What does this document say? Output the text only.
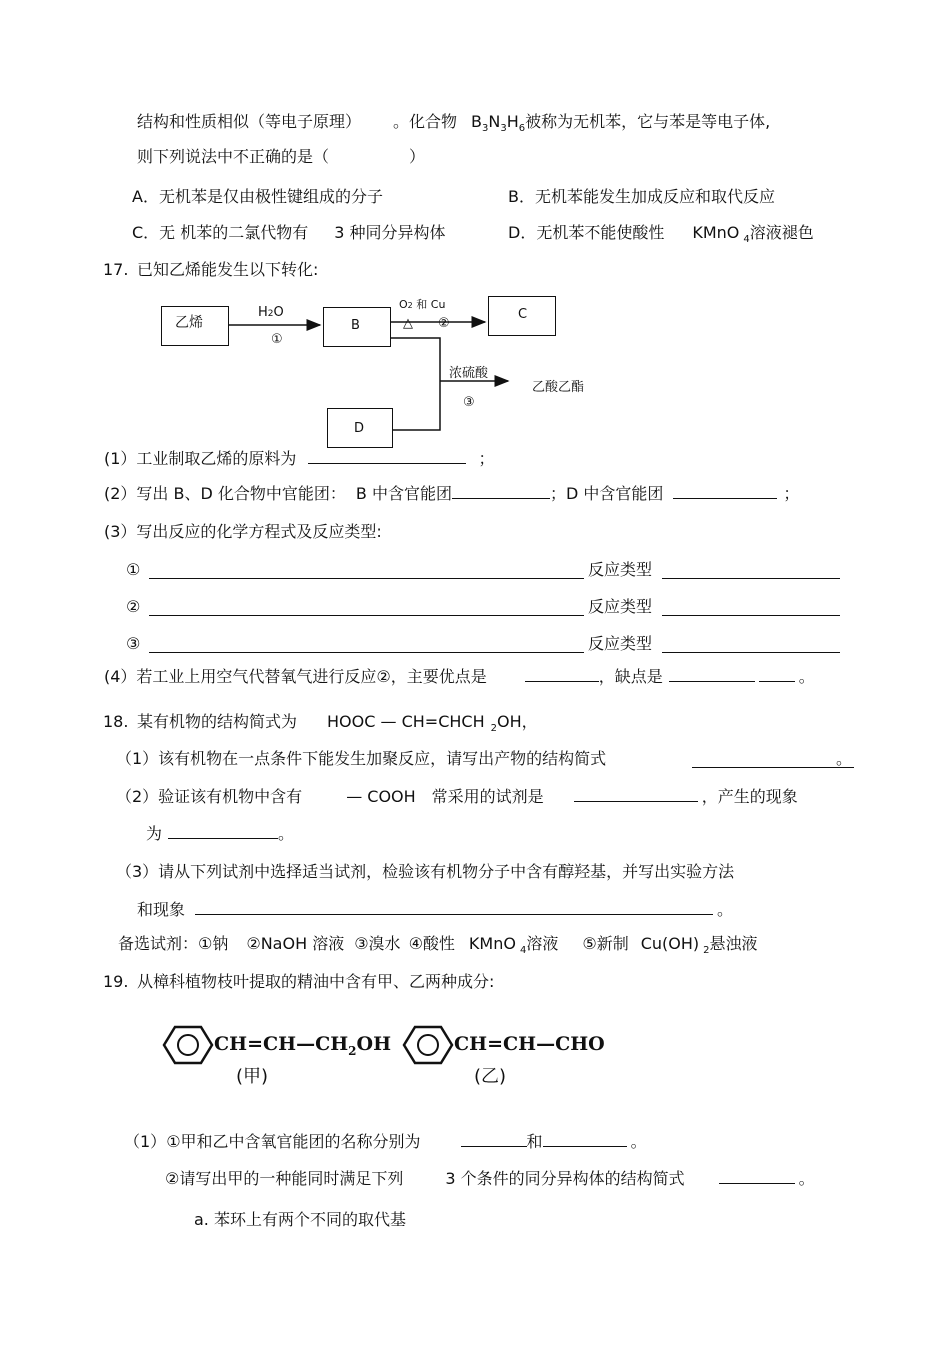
结构和性质相似（等电子原理） 。化合物 $B_3N_3H_6$被称为无机苯，它与苯是等电子体,
则下列说法中不正确的是（	）
A．无机苯是仅由极性键组成的分子	B．无机苯能发生加成反应和取代反应
C．无 机苯的二氯代物有 3 种同分异构体	D．无机苯不能使酸性 KMnO $_4$溶液褪色
17. 已知乙烯能发生以下转化:
乙烯	B
C
D
H2O
①
O2 和 Cu
△ ②
浓硫酸
③
乙酸乙酯
(1）工业制取乙烯的原料为	；
(2）写出 B、D 化合物中官能团： B 中含官能团	；D 中含官能团	；
(3）写出反应的化学方程式及反应类型:
①	反应类型
②	反应类型
③	反应类型
(4）若工业上用空气代替氧气进行反应②，主要优点是	，缺点是	。
18. 某有机物的结构简式为 HOOC — CH=CHCH $_2$OH，
（1）该有机物在一点条件下能发生加聚反应，请写出产物的结构简式	。
（2）验证该有机物中含有	— COOH 常采用的试剂是	，产生的现象
为	。
（3）请从下列试剂中选择适当试剂，检验该有机物分子中含有醇羟基，并写出实验方法
和现象	。
备选试剂：①钠 ②NaOH 溶液 ③溴水 ④酸性 KMnO $_4$溶液 ⑤新制 Cu(OH) $_2$悬浊液
19. 从樟科植物枝叶提取的精油中含有甲、乙两种成分:
$CH=CH—CH_2OH$
(甲)
CH=CH—CHO
(乙)
（1）①甲和乙中含氧官能团的名称分别为	和	。
②请写出甲的一种能同时满足下列	3 个条件的同分异构体的结构简式	。
a. 苯环上有两个不同的取代基
